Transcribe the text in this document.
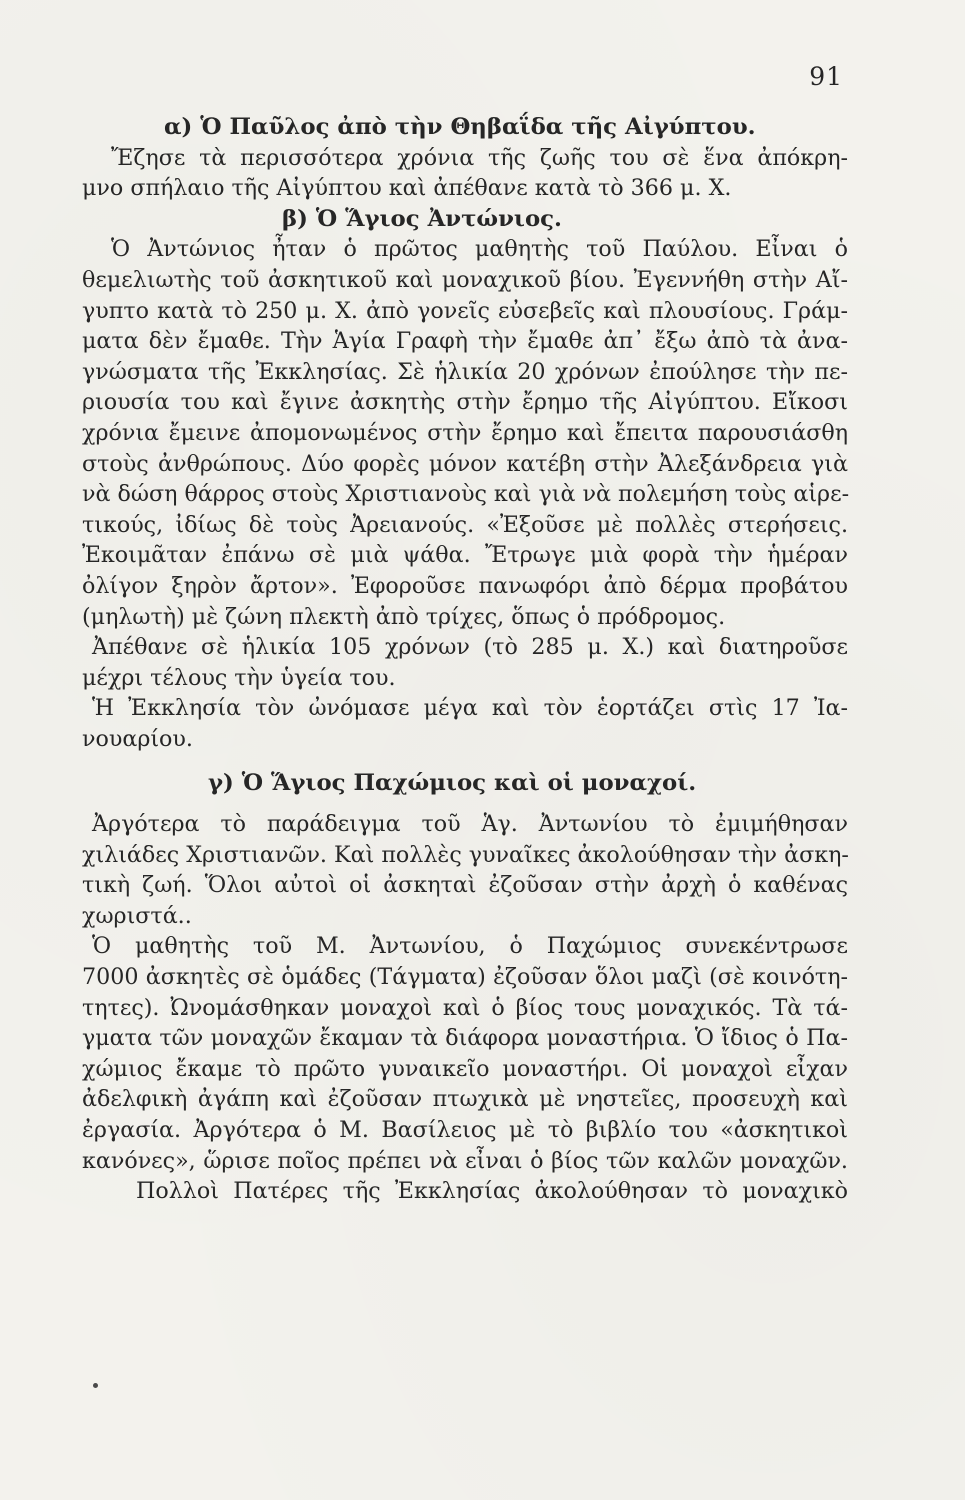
91
α) Ὁ Παῦλος ἀπὸ τὴν Θηβαΐδα τῆς Αἰγύπτου.
Ἔζησε τὰ περισσότερα χρόνια τῆς ζωῆς του σὲ ἕνα ἀπόκρη-
μνο σπήλαιο τῆς Αἰγύπτου καὶ ἀπέθανε κατὰ τὸ 366 μ. Χ.
β) Ὁ Ἅγιος Ἀντώνιος.
Ὁ Ἀντώνιος ἦταν ὁ πρῶτος μαθητὴς τοῦ Παύλου. Εἶναι ὁ
θεμελιωτὴς τοῦ ἀσκητικοῦ καὶ μοναχικοῦ βίου. Ἐγεννήθη στὴν Αἴ-
γυπτο κατὰ τὸ 250 μ. Χ. ἀπὸ γονεῖς εὐσεβεῖς καὶ πλουσίους. Γράμ-
ματα δὲν ἔμαθε. Τὴν Ἁγία Γραφὴ τὴν ἔμαθε ἀπ᾿ ἔξω ἀπὸ τὰ ἀνα-
γνώσματα τῆς Ἐκκλησίας. Σὲ ἡλικία 20 χρόνων ἐπούλησε τὴν πε-
ριουσία του καὶ ἔγινε ἀσκητὴς στὴν ἔρημο τῆς Αἰγύπτου. Εἴκοσι
χρόνια ἔμεινε ἀπομονωμένος στὴν ἔρημο καὶ ἔπειτα παρουσιάσθη
στοὺς ἀνθρώπους. Δύο φορὲς μόνον κατέβη στὴν Ἀλεξάνδρεια γιὰ
νὰ δώση θάρρος στοὺς Χριστιανοὺς καὶ γιὰ νὰ πολεμήση τοὺς αἱρε-
τικούς, ἰδίως δὲ τοὺς Ἀρειανούς. «Ἐξοῦσε μὲ πολλὲς στερήσεις.
Ἐκοιμᾶταν ἐπάνω σὲ μιὰ ψάθα. Ἔτρωγε μιὰ φορὰ τὴν ἡμέραν
ὀλίγον ξηρὸν ἄρτον». Ἐφοροῦσε πανωφόρι ἀπὸ δέρμα προβάτου
(μηλωτὴ) μὲ ζώνη πλεκτὴ ἀπὸ τρίχες, ὅπως ὁ πρόδρομος.
Ἀπέθανε σὲ ἡλικία 105 χρόνων (τὸ 285 μ. Χ.) καὶ διατηροῦσε
μέχρι τέλους τὴν ὑγεία του.
Ἡ Ἐκκλησία τὸν ὠνόμασε μέγα καὶ τὸν ἑορτάζει στὶς 17 Ἰα-
νουαρίου.
γ) Ὁ Ἅγιος Παχώμιος καὶ οἱ μοναχοί.
Ἀργότερα τὸ παράδειγμα τοῦ Ἁγ. Ἀντωνίου τὸ ἐμιμήθησαν
χιλιάδες Χριστιανῶν. Καὶ πολλὲς γυναῖκες ἀκολούθησαν τὴν ἀσκη-
τικὴ ζωή. Ὅλοι αὐτοὶ οἱ ἀσκηταὶ ἐζοῦσαν στὴν ἀρχὴ ὁ καθένας
χωριστά..
Ὁ μαθητὴς τοῦ Μ. Ἀντωνίου, ὁ Παχώμιος συνεκέντρωσε
7000 ἀσκητὲς σὲ ὁμάδες (Τάγματα) ἐζοῦσαν ὅλοι μαζὶ (σὲ κοινότη-
τητες). Ὠνομάσθηκαν μοναχοὶ καὶ ὁ βίος τους μοναχικός. Τὰ τά-
γματα τῶν μοναχῶν ἔκαμαν τὰ διάφορα μοναστήρια. Ὁ ἴδιος ὁ Πα-
χώμιος ἔκαμε τὸ πρῶτο γυναικεῖο μοναστήρι. Οἱ μοναχοὶ εἶχαν
ἀδελφικὴ ἀγάπη καὶ ἐζοῦσαν πτωχικὰ μὲ νηστεῖες, προσευχὴ καὶ
ἐργασία. Ἀργότερα ὁ Μ. Βασίλειος μὲ τὸ βιβλίο του «ἀσκητικοὶ
κανόνες», ὥρισε ποῖος πρέπει νὰ εἶναι ὁ βίος τῶν καλῶν μοναχῶν.
Πολλοὶ Πατέρες τῆς Ἐκκλησίας ἀκολούθησαν τὸ μοναχικὸ
